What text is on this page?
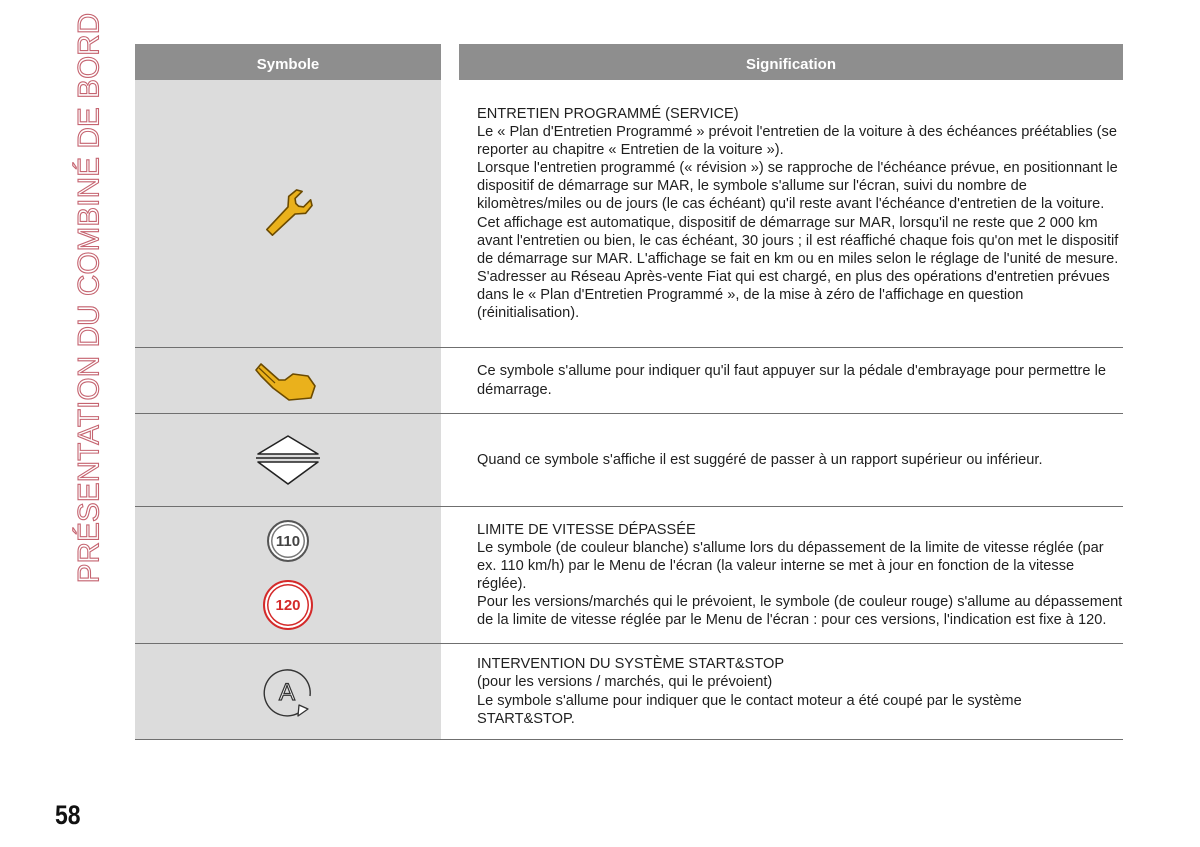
PRÉSENTATION DU COMBINÉ DE BORD	Symbole	Signification

ENTRETIEN PROGRAMMÉ (SERVICE)

Le « Plan d'Entretien Programmé » prévoit l'entretien de la voiture à des échéances préétablies (se reporter au chapitre « Entretien de la voiture »).

Lorsque l'entretien programmé (« révision ») se rapproche de l'échéance prévue, en positionnant le dispositif de démarrage sur MAR, le symbole s'allume sur l'écran, suivi du nombre de kilomètres/miles ou de jours (le cas échéant) qu'il reste avant l'échéance d'entretien de la voiture.

Cet affichage est automatique, dispositif de démarrage sur MAR, lorsqu'il ne reste que 2 000 km avant l'entretien ou bien, le cas échéant, 30 jours ; il est réaffiché chaque fois qu'on met le dispositif de démarrage sur MAR. L'affichage se fait en km ou en miles selon le réglage de l'unité de mesure.

S'adresser au Réseau Après-vente Fiat qui est chargé, en plus des opérations d'entretien prévues dans le « Plan d'Entretien Programmé », de la mise à zéro de l'affichage en question (réinitialisation).

Ce symbole s'allume pour indiquer qu'il faut appuyer sur la pédale d'embrayage pour permettre le démarrage.

Quand ce symbole s'affiche il est suggéré de passer à un rapport supérieur ou inférieur.

110
120

LIMITE DE VITESSE DÉPASSÉE

Le symbole (de couleur blanche) s'allume lors du dépassement de la limite de vitesse réglée (par ex. 110 km/h) par le Menu de l'écran (la valeur interne se met à jour en fonction de la vitesse réglée).

Pour les versions/marchés qui le prévoient, le symbole (de couleur rouge) s'allume au dépassement de la limite de vitesse réglée par le Menu de l'écran : pour ces versions, l'indication est fixe à 120.

A

INTERVENTION DU SYSTÈME START&STOP

(pour les versions / marchés, qui le prévoient)

Le symbole s'allume pour indiquer que le contact moteur a été coupé par le système START&STOP.

58
